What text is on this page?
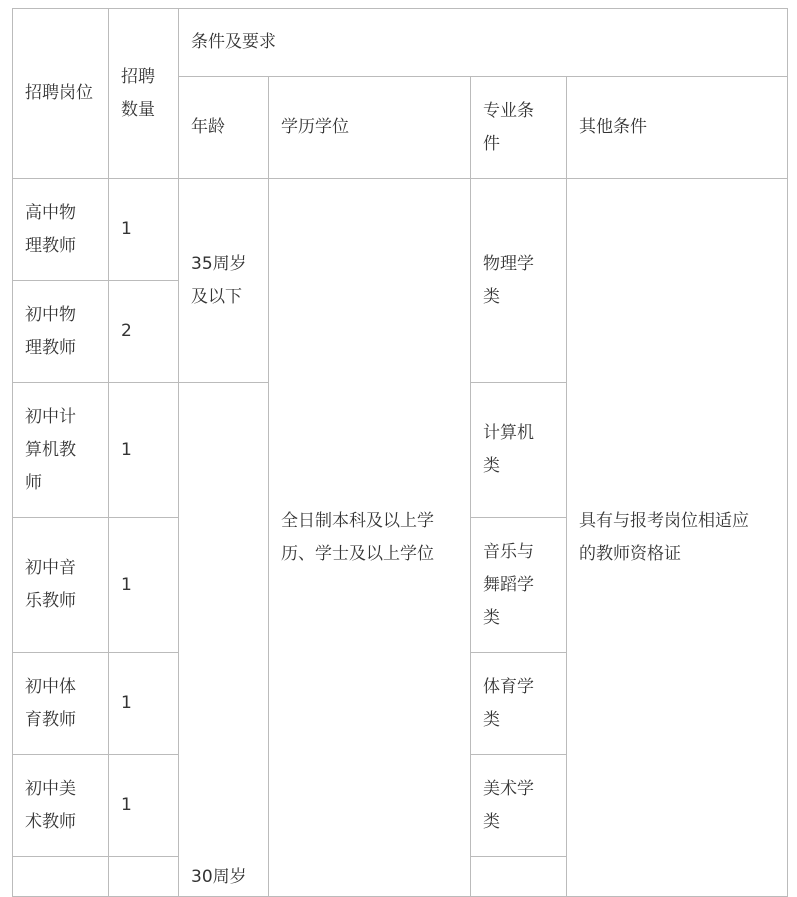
招聘岗位	招聘数量	条件及要求			

		年龄	学历学位	专业条件	其他条件

高中物理教师	1	35周岁及以下	全日制本科及以上学历、学士及以上学位	物理学类	具有与报考岗位相适应的教师资格证

初中物理教师	2				

初中计算机教师	1	30周岁		计算机类	

初中音乐教师	1			音乐与舞蹈学类	

初中体育教师	1			体育学类	

初中美术教师	1			美术学类	
